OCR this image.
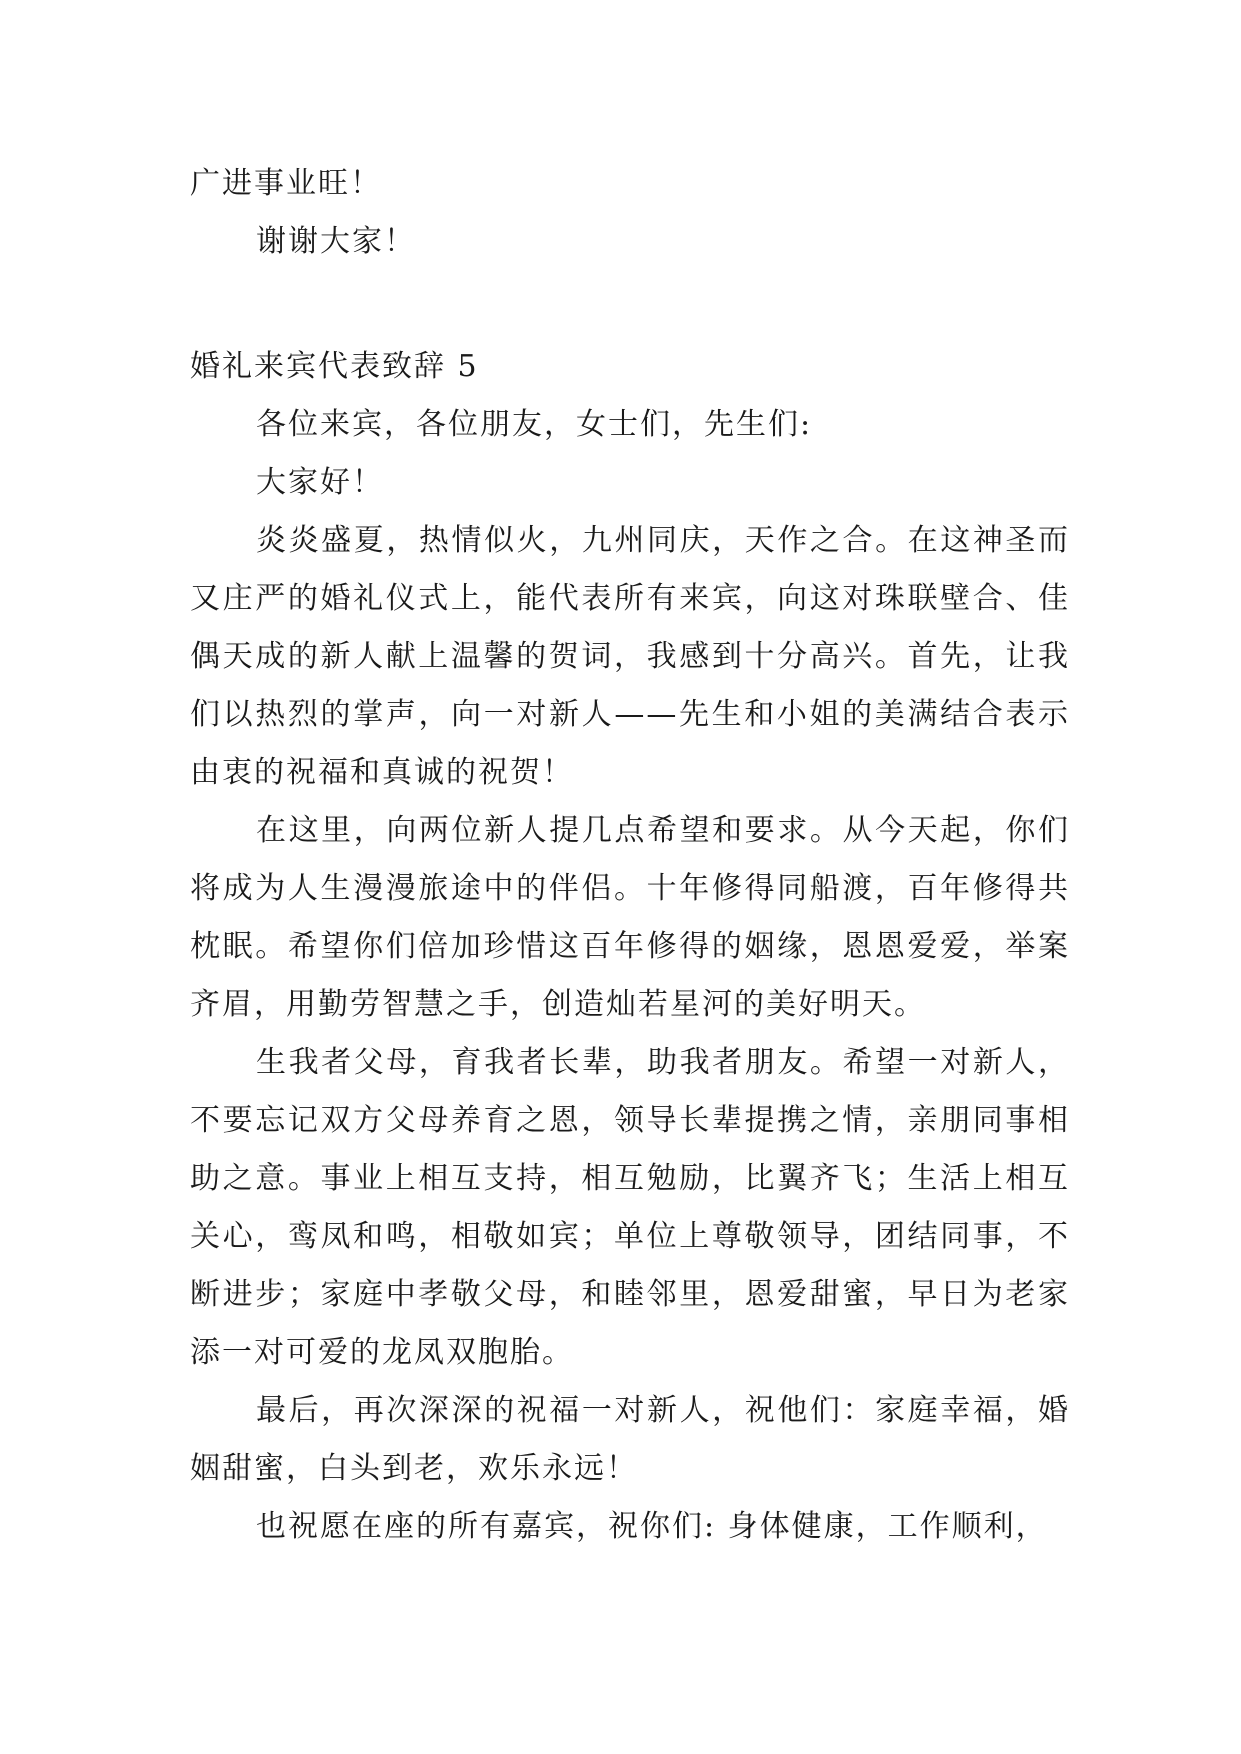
广进事业旺！

谢谢大家！

婚礼来宾代表致辞 5

各位来宾，各位朋友，女士们，先生们:

大家好！

炎炎盛夏，热情似火，九州同庆，天作之合。在这神圣而又庄严的婚礼仪式上，能代表所有来宾，向这对珠联壁合、佳偶天成的新人献上温馨的贺词，我感到十分高兴。首先，让我们以热烈的掌声，向一对新人——先生和小姐的美满结合表示由衷的祝福和真诚的祝贺！

在这里，向两位新人提几点希望和要求。从今天起，你们将成为人生漫漫旅途中的伴侣。十年修得同船渡，百年修得共枕眠。希望你们倍加珍惜这百年修得的姻缘，恩恩爱爱，举案齐眉，用勤劳智慧之手，创造灿若星河的美好明天。

生我者父母，育我者长辈，助我者朋友。希望一对新人，不要忘记双方父母养育之恩，领导长辈提携之情，亲朋同事相助之意。事业上相互支持，相互勉励，比翼齐飞；生活上相互关心，鸾凤和鸣，相敬如宾；单位上尊敬领导，团结同事，不断进步；家庭中孝敬父母，和睦邻里，恩爱甜蜜，早日为老家添一对可爱的龙凤双胞胎。

最后，再次深深的祝福一对新人，祝他们：家庭幸福，婚姻甜蜜，白头到老，欢乐永远！

也祝愿在座的所有嘉宾，祝你们: 身体健康，工作顺利，
